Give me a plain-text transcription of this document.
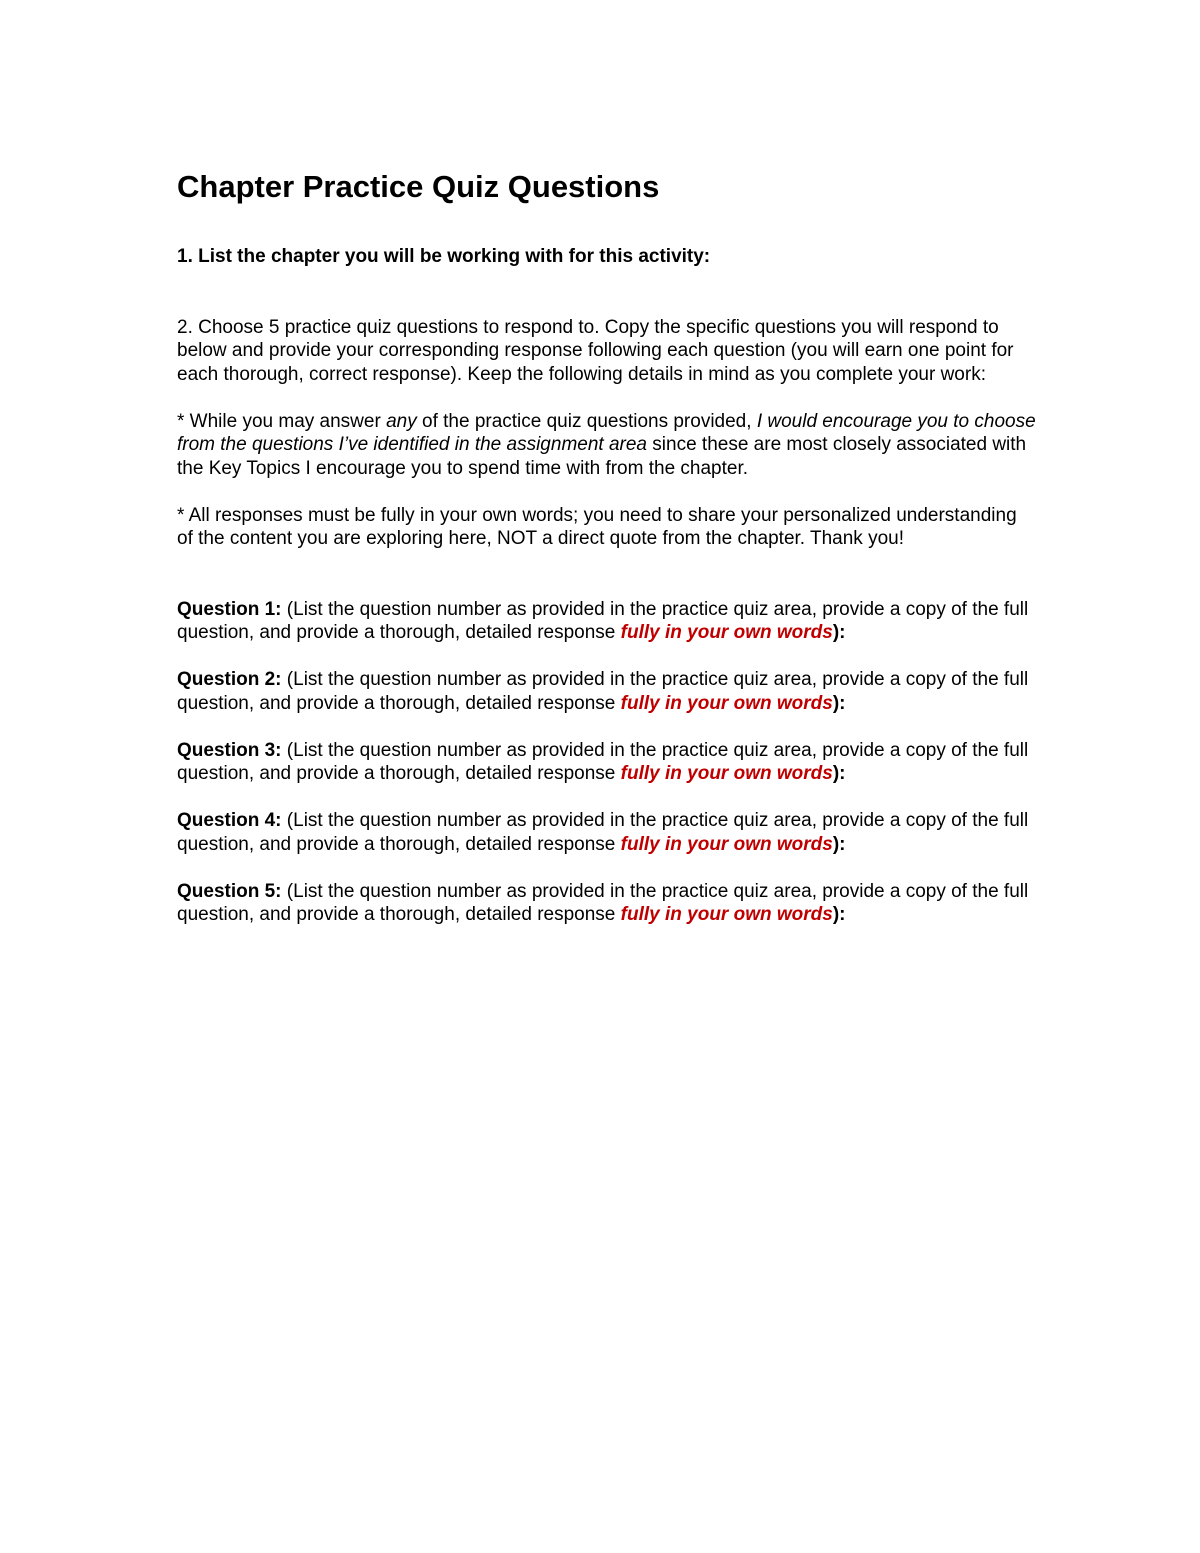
Chapter Practice Quiz Questions
1. List the chapter you will be working with for this activity:
2. Choose 5 practice quiz questions to respond to. Copy the specific questions you will respond to below and provide your corresponding response following each question (you will earn one point for each thorough, correct response). Keep the following details in mind as you complete your work:
* While you may answer any of the practice quiz questions provided, I would encourage you to choose from the questions I’ve identified in the assignment area since these are most closely associated with the Key Topics I encourage you to spend time with from the chapter.
* All responses must be fully in your own words; you need to share your personalized understanding of the content you are exploring here, NOT a direct quote from the chapter. Thank you!
Question 1: (List the question number as provided in the practice quiz area, provide a copy of the full question, and provide a thorough, detailed response fully in your own words):
Question 2: (List the question number as provided in the practice quiz area, provide a copy of the full question, and provide a thorough, detailed response fully in your own words):
Question 3: (List the question number as provided in the practice quiz area, provide a copy of the full question, and provide a thorough, detailed response fully in your own words):
Question 4: (List the question number as provided in the practice quiz area, provide a copy of the full question, and provide a thorough, detailed response fully in your own words):
Question 5: (List the question number as provided in the practice quiz area, provide a copy of the full question, and provide a thorough, detailed response fully in your own words):
